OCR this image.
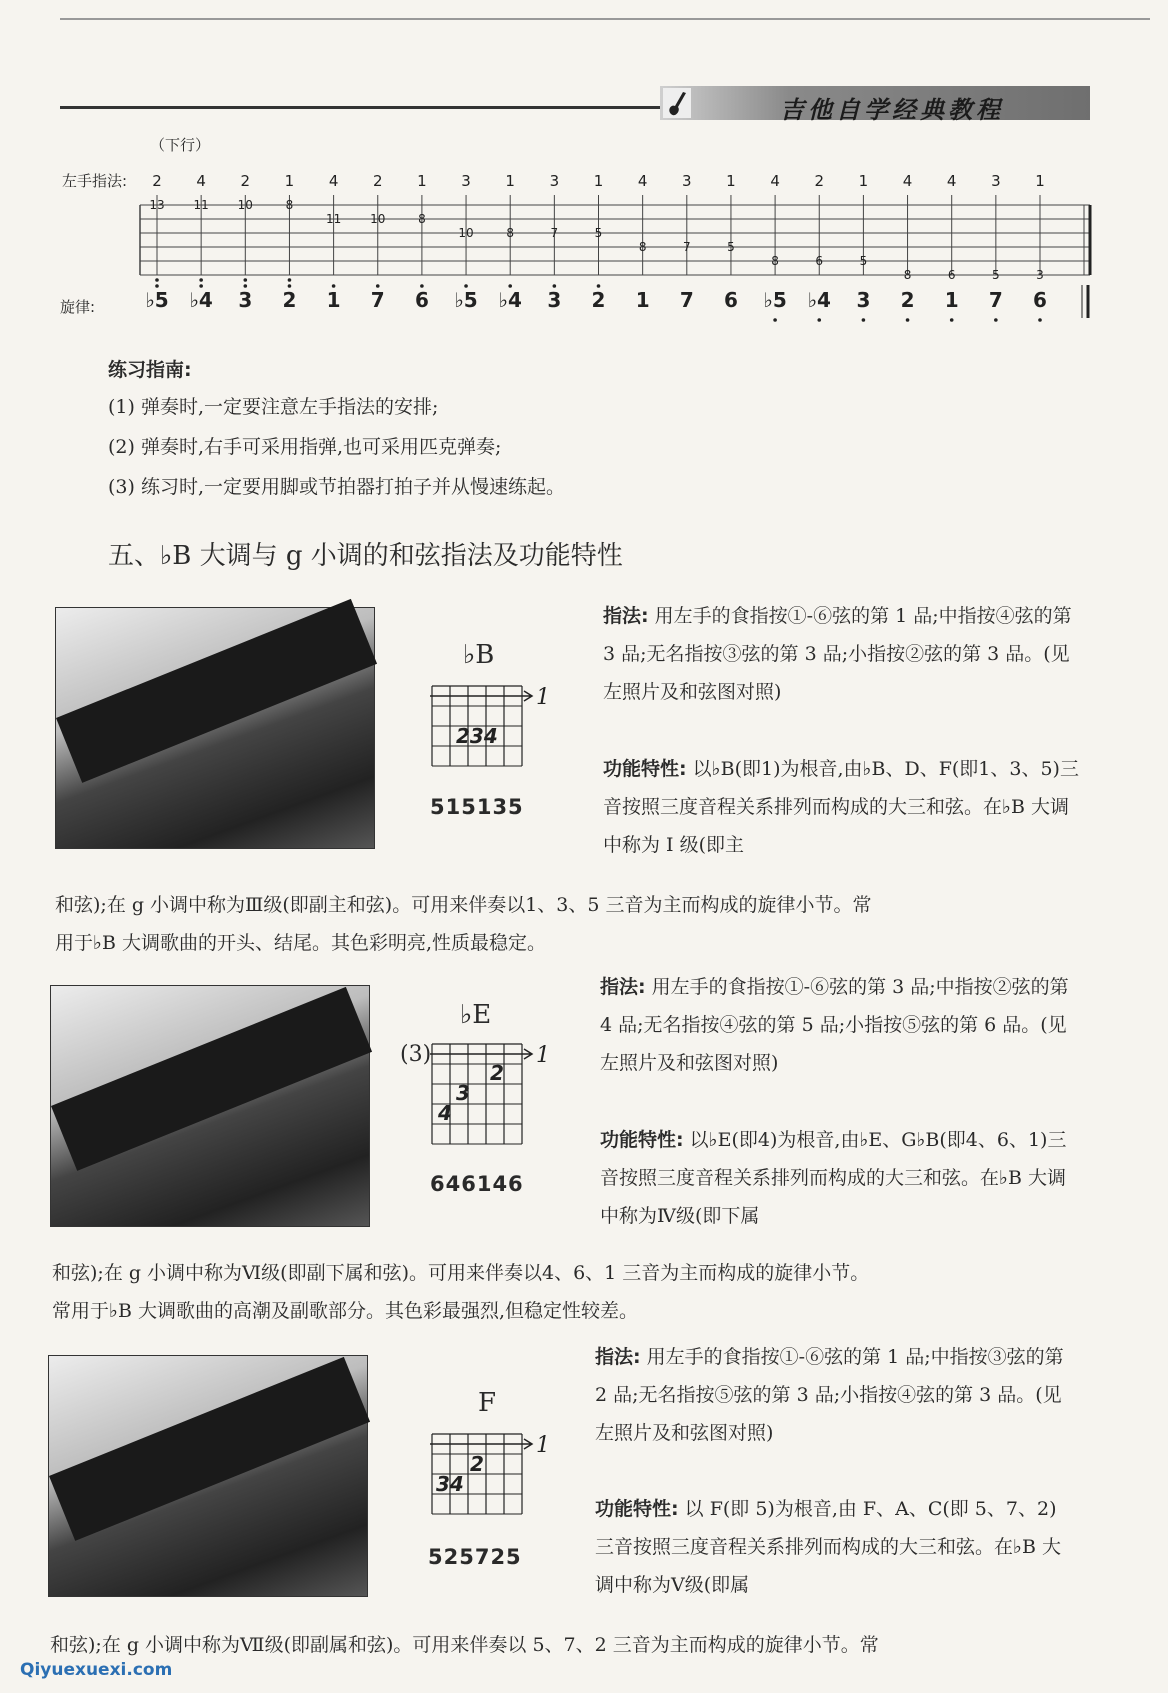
吉他自学经典教程
（下行）
左手指法:
旋律:
2
13
♭5
4
11
♭4
2
10
3
1
8
2
4
11
1
2
10
7
1
8
6
3
10
♭5
1
8
♭4
3
7
3
1
5
2
4
8
1
3
7
7
1
5
6
4
8
♭5
2
6
♭4
1
5
3
4
8
2
4
6
1
3
5
7
1
3
6
练习指南:
(1) 弹奏时,一定要注意左手指法的安排;
(2) 弹奏时,右手可采用指弹,也可采用匹克弹奏;
(3) 练习时,一定要用脚或节拍器打拍子并从慢速练起。
五、♭B 大调与 g 小调的和弦指法及功能特性
♭B
1
234
515135
指法: 用左手的食指按①-⑥弦的第 1 品;中指按④弦的第 3 品;无名指按③弦的第 3 品;小指按②弦的第 3 品。(见左照片及和弦图对照)
功能特性: 以♭B(即1)为根音,由♭B、D、F(即1、3、5)三音按照三度音程关系排列而构成的大三和弦。在♭B 大调中称为 I 级(即主
和弦);在 g 小调中称为Ⅲ级(即副主和弦)。可用来伴奏以1、3、5 三音为主而构成的旋律小节。常
用于♭B 大调歌曲的开头、结尾。其色彩明亮,性质最稳定。
♭E
(3)	1
2
3
4
646146
指法: 用左手的食指按①-⑥弦的第 3 品;中指按②弦的第 4 品;无名指按④弦的第 5 品;小指按⑤弦的第 6 品。(见左照片及和弦图对照)
功能特性: 以♭E(即4)为根音,由♭E、G♭B(即4、6、1)三音按照三度音程关系排列而构成的大三和弦。在♭B 大调中称为Ⅳ级(即下属
和弦);在 g 小调中称为Ⅵ级(即副下属和弦)。可用来伴奏以4、6、1 三音为主而构成的旋律小节。
常用于♭B 大调歌曲的高潮及副歌部分。其色彩最强烈,但稳定性较差。
F
1
34
2
525725
指法: 用左手的食指按①-⑥弦的第 1 品;中指按③弦的第 2 品;无名指按⑤弦的第 3 品;小指按④弦的第 3 品。(见左照片及和弦图对照)
功能特性: 以 F(即 5)为根音,由 F、A、C(即 5、7、2)三音按照三度音程关系排列而构成的大三和弦。在♭B 大调中称为Ⅴ级(即属
和弦);在 g 小调中称为Ⅶ级(即副属和弦)。可用来伴奏以 5、7、2 三音为主而构成的旋律小节。常
Qiyuexuexi.com
